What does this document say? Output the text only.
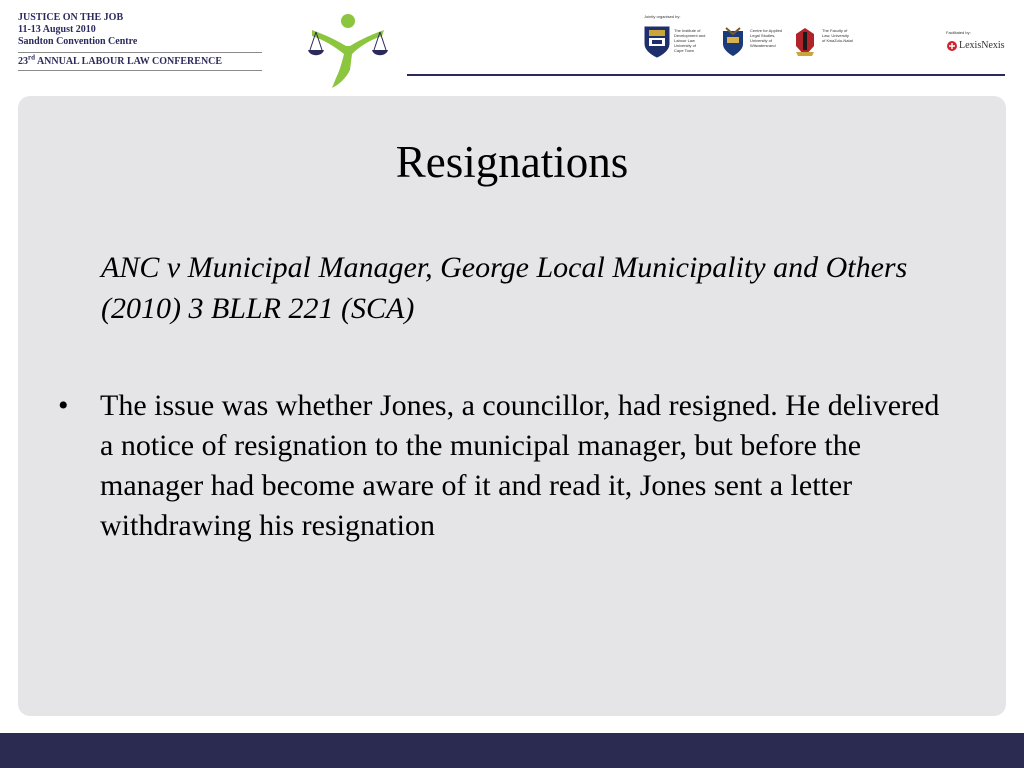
JUSTICE ON THE JOB
11-13 August 2010
Sandton Convention Centre
23rd ANNUAL LABOUR LAW CONFERENCE
Jointly organised by:
The Institute of
Development and
Labour Law
University of
Cape Town
Centre for Applied
Legal Studies,
University of
Witwatersrand
The Faculty of
Law, University
of KwaZulu-Natal
Facilitated by:
LexisNexis
Resignations
ANC v Municipal Manager, George Local Municipality and Others (2010) 3 BLLR 221 (SCA)
• The issue was whether Jones, a councillor, had resigned. He delivered a notice of resignation to the municipal manager, but before the manager had become aware of it and read it, Jones sent a letter withdrawing his resignation
